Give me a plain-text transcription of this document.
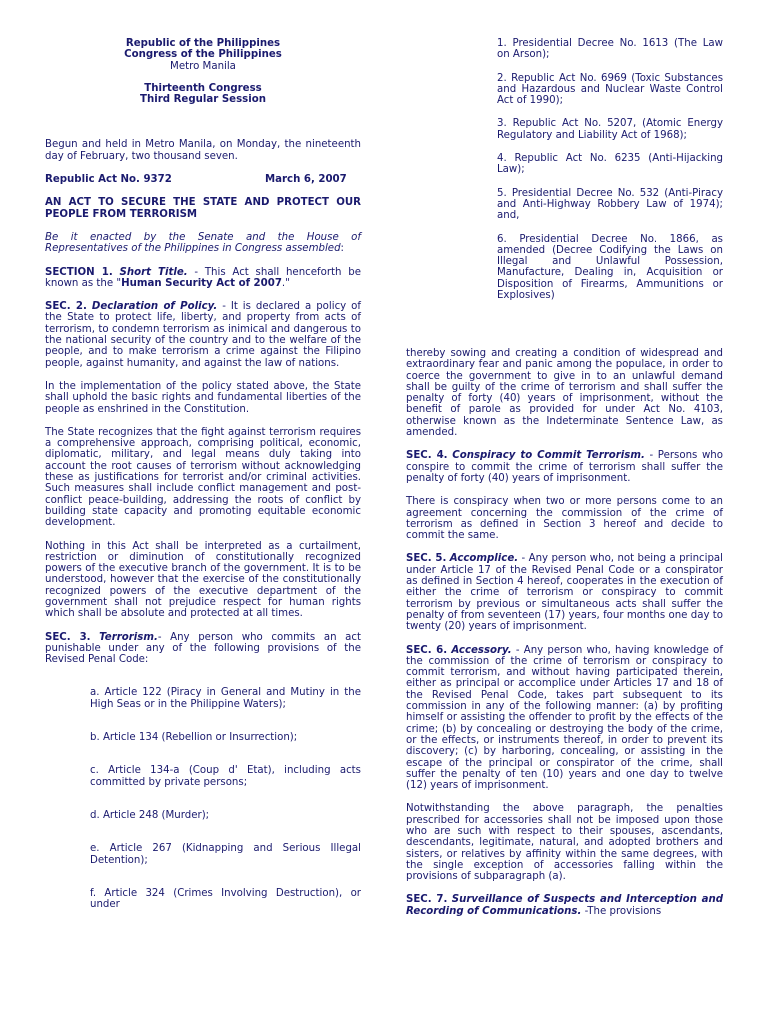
Republic of the Philippines
Congress of the Philippines
Metro Manila
Thirteenth Congress
Third Regular Session

Begun and held in Metro Manila, on Monday, the nineteenth day of February, two thousand seven.

Republic Act No. 9372	March 6, 2007

AN ACT TO SECURE THE STATE AND PROTECT OUR PEOPLE FROM TERRORISM

Be it enacted by the Senate and the House of Representatives of the Philippines in Congress assembled:

SECTION 1. Short Title. - This Act shall henceforth be known as the "Human Security Act of 2007."

SEC. 2. Declaration of Policy. - It is declared a policy of the State to protect life, liberty, and property from acts of terrorism, to condemn terrorism as inimical and dangerous to the national security of the country and to the welfare of the people, and to make terrorism a crime against the Filipino people, against humanity, and against the law of nations.

In the implementation of the policy stated above, the State shall uphold the basic rights and fundamental liberties of the people as enshrined in the Constitution.

The State recognizes that the fight against terrorism requires a comprehensive approach, comprising political, economic, diplomatic, military, and legal means duly taking into account the root causes of terrorism without acknowledging these as justifications for terrorist and/or criminal activities. Such measures shall include conflict management and post-conflict peace-building, addressing the roots of conflict by building state capacity and promoting equitable economic development.

Nothing in this Act shall be interpreted as a curtailment, restriction or diminution of constitutionally recognized powers of the executive branch of the government. It is to be understood, however that the exercise of the constitutionally recognized powers of the executive department of the government shall not prejudice respect for human rights which shall be absolute and protected at all times.

SEC. 3. Terrorism.- Any person who commits an act punishable under any of the following provisions of the Revised Penal Code:

a. Article 122 (Piracy in General and Mutiny in the High Seas or in the Philippine Waters);

b. Article 134 (Rebellion or Insurrection);

c. Article 134-a (Coup d' Etat), including acts committed by private persons;

d. Article 248 (Murder);

e. Article 267 (Kidnapping and Serious Illegal Detention);

f. Article 324 (Crimes Involving Destruction), or under

1. Presidential Decree No. 1613 (The Law on Arson);

2. Republic Act No. 6969 (Toxic Substances and Hazardous and Nuclear Waste Control Act of 1990);

3. Republic Act No. 5207, (Atomic Energy Regulatory and Liability Act of 1968);

4. Republic Act No. 6235 (Anti-Hijacking Law);

5. Presidential Decree No. 532 (Anti-Piracy and Anti-Highway Robbery Law of 1974); and,

6. Presidential Decree No. 1866, as amended (Decree Codifying the Laws on Illegal and Unlawful Possession, Manufacture, Dealing in, Acquisition or Disposition of Firearms, Ammunitions or Explosives)

thereby sowing and creating a condition of widespread and extraordinary fear and panic among the populace, in order to coerce the government to give in to an unlawful demand shall be guilty of the crime of terrorism and shall suffer the penalty of forty (40) years of imprisonment, without the benefit of parole as provided for under Act No. 4103, otherwise known as the Indeterminate Sentence Law, as amended.

SEC. 4. Conspiracy to Commit Terrorism. - Persons who conspire to commit the crime of terrorism shall suffer the penalty of forty (40) years of imprisonment.

There is conspiracy when two or more persons come to an agreement concerning the commission of the crime of terrorism as defined in Section 3 hereof and decide to commit the same.

SEC. 5. Accomplice. - Any person who, not being a principal under Article 17 of the Revised Penal Code or a conspirator as defined in Section 4 hereof, cooperates in the execution of either the crime of terrorism or conspiracy to commit terrorism by previous or simultaneous acts shall suffer the penalty of from seventeen (17) years, four months one day to twenty (20) years of imprisonment.

SEC. 6. Accessory. - Any person who, having knowledge of the commission of the crime of terrorism or conspiracy to commit terrorism, and without having participated therein, either as principal or accomplice under Articles 17 and 18 of the Revised Penal Code, takes part subsequent to its commission in any of the following manner: (a) by profiting himself or assisting the offender to profit by the effects of the crime; (b) by concealing or destroying the body of the crime, or the effects, or instruments thereof, in order to prevent its discovery; (c) by harboring, concealing, or assisting in the escape of the principal or conspirator of the crime, shall suffer the penalty of ten (10) years and one day to twelve (12) years of imprisonment.

Notwithstanding the above paragraph, the penalties prescribed for accessories shall not be imposed upon those who are such with respect to their spouses, ascendants, descendants, legitimate, natural, and adopted brothers and sisters, or relatives by affinity within the same degrees, with the single exception of accessories falling within the provisions of subparagraph (a).

SEC. 7. Surveillance of Suspects and Interception and Recording of Communications. -The provisions
